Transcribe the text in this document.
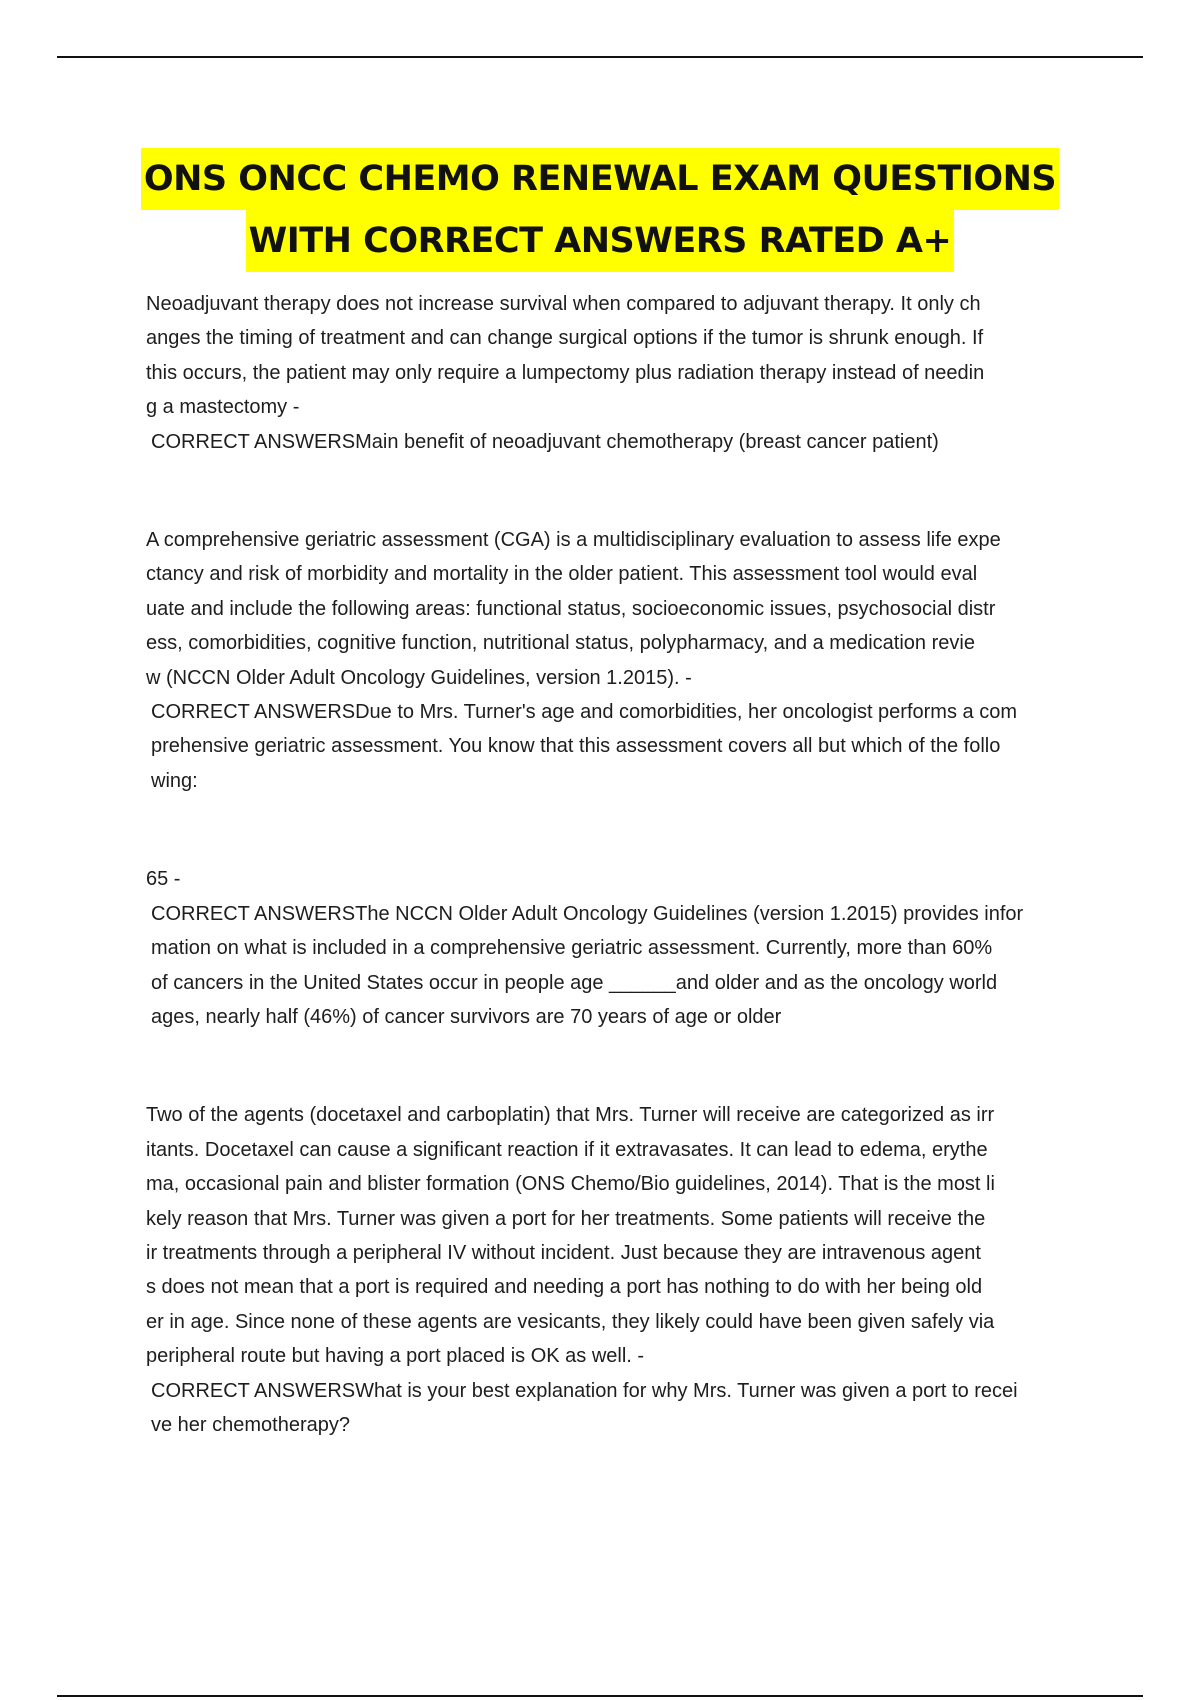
ONS ONCC CHEMO RENEWAL EXAM QUESTIONS
WITH CORRECT ANSWERS RATED A+

Neoadjuvant therapy does not increase survival when compared to adjuvant therapy. It only ch
anges the timing of treatment and can change surgical options if the tumor is shrunk enough. If
this occurs, the patient may only require a lumpectomy plus radiation therapy instead of needin
g a mastectomy -

CORRECT ANSWERSMain benefit of neoadjuvant chemotherapy (breast cancer patient)

A comprehensive geriatric assessment (CGA) is a multidisciplinary evaluation to assess life expe
ctancy and risk of morbidity and mortality in the older patient. This assessment tool would eval
uate and include the following areas: functional status, socioeconomic issues, psychosocial distr
ess, comorbidities, cognitive function, nutritional status, polypharmacy, and a medication revie
w (NCCN Older Adult Oncology Guidelines, version 1.2015). -

CORRECT ANSWERSDue to Mrs. Turner's age and comorbidities, her oncologist performs a com
prehensive geriatric assessment. You know that this assessment covers all but which of the follo
wing:

65 -

CORRECT ANSWERSThe NCCN Older Adult Oncology Guidelines (version 1.2015) provides infor
mation on what is included in a comprehensive geriatric assessment. Currently, more than 60%
of cancers in the United States occur in people age ______and older and as the oncology world
ages, nearly half (46%) of cancer survivors are 70 years of age or older

Two of the agents (docetaxel and carboplatin) that Mrs. Turner will receive are categorized as irr
itants. Docetaxel can cause a significant reaction if it extravasates. It can lead to edema, erythe
ma, occasional pain and blister formation (ONS Chemo/Bio guidelines, 2014). That is the most li
kely reason that Mrs. Turner was given a port for her treatments. Some patients will receive the
ir treatments through a peripheral IV without incident. Just because they are intravenous agent
s does not mean that a port is required and needing a port has nothing to do with her being old
er in age. Since none of these agents are vesicants, they likely could have been given safely via
peripheral route but having a port placed is OK as well. -

CORRECT ANSWERSWhat is your best explanation for why Mrs. Turner was given a port to recei
ve her chemotherapy?
